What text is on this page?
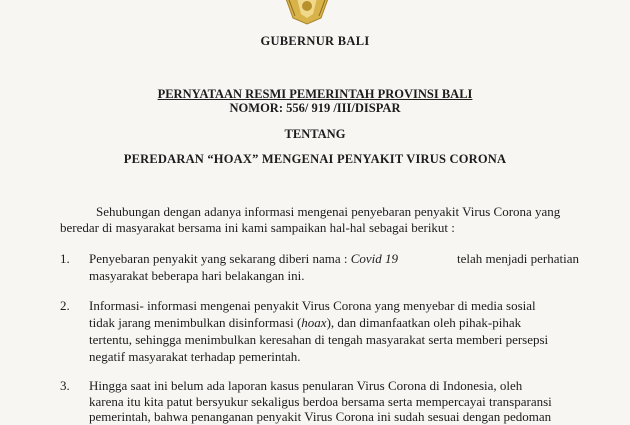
GUBERNUR BALI
PERNYATAAN RESMI PEMERINTAH PROVINSI BALI
NOMOR: 556/ 919 /III/DISPAR
TENTANG
PEREDARAN “HOAX” MENGENAI PENYAKIT VIRUS CORONA
Sehubungan dengan adanya informasi mengenai penyebaran penyakit Virus Corona yang
beredar di masyarakat bersama ini kami sampaikan hal-hal sebagai berikut :
1. Penyebaran penyakit yang sekarang diberi nama : Covid 19	telah menjadi perhatian
masyarakat beberapa hari belakangan ini.
2. Informasi- informasi mengenai penyakit Virus Corona yang menyebar di media sosial
tidak jarang menimbulkan disinformasi (hoax), dan dimanfaatkan oleh pihak-pihak
tertentu, sehingga menimbulkan keresahan di tengah masyarakat serta memberi persepsi
negatif masyarakat terhadap pemerintah.
3. Hingga saat ini belum ada laporan kasus penularan Virus Corona di Indonesia, oleh
karena itu kita patut bersyukur sekaligus berdoa bersama serta mempercayai transparansi
pemerintah, bahwa penanganan penyakit Virus Corona ini sudah sesuai dengan pedoman
